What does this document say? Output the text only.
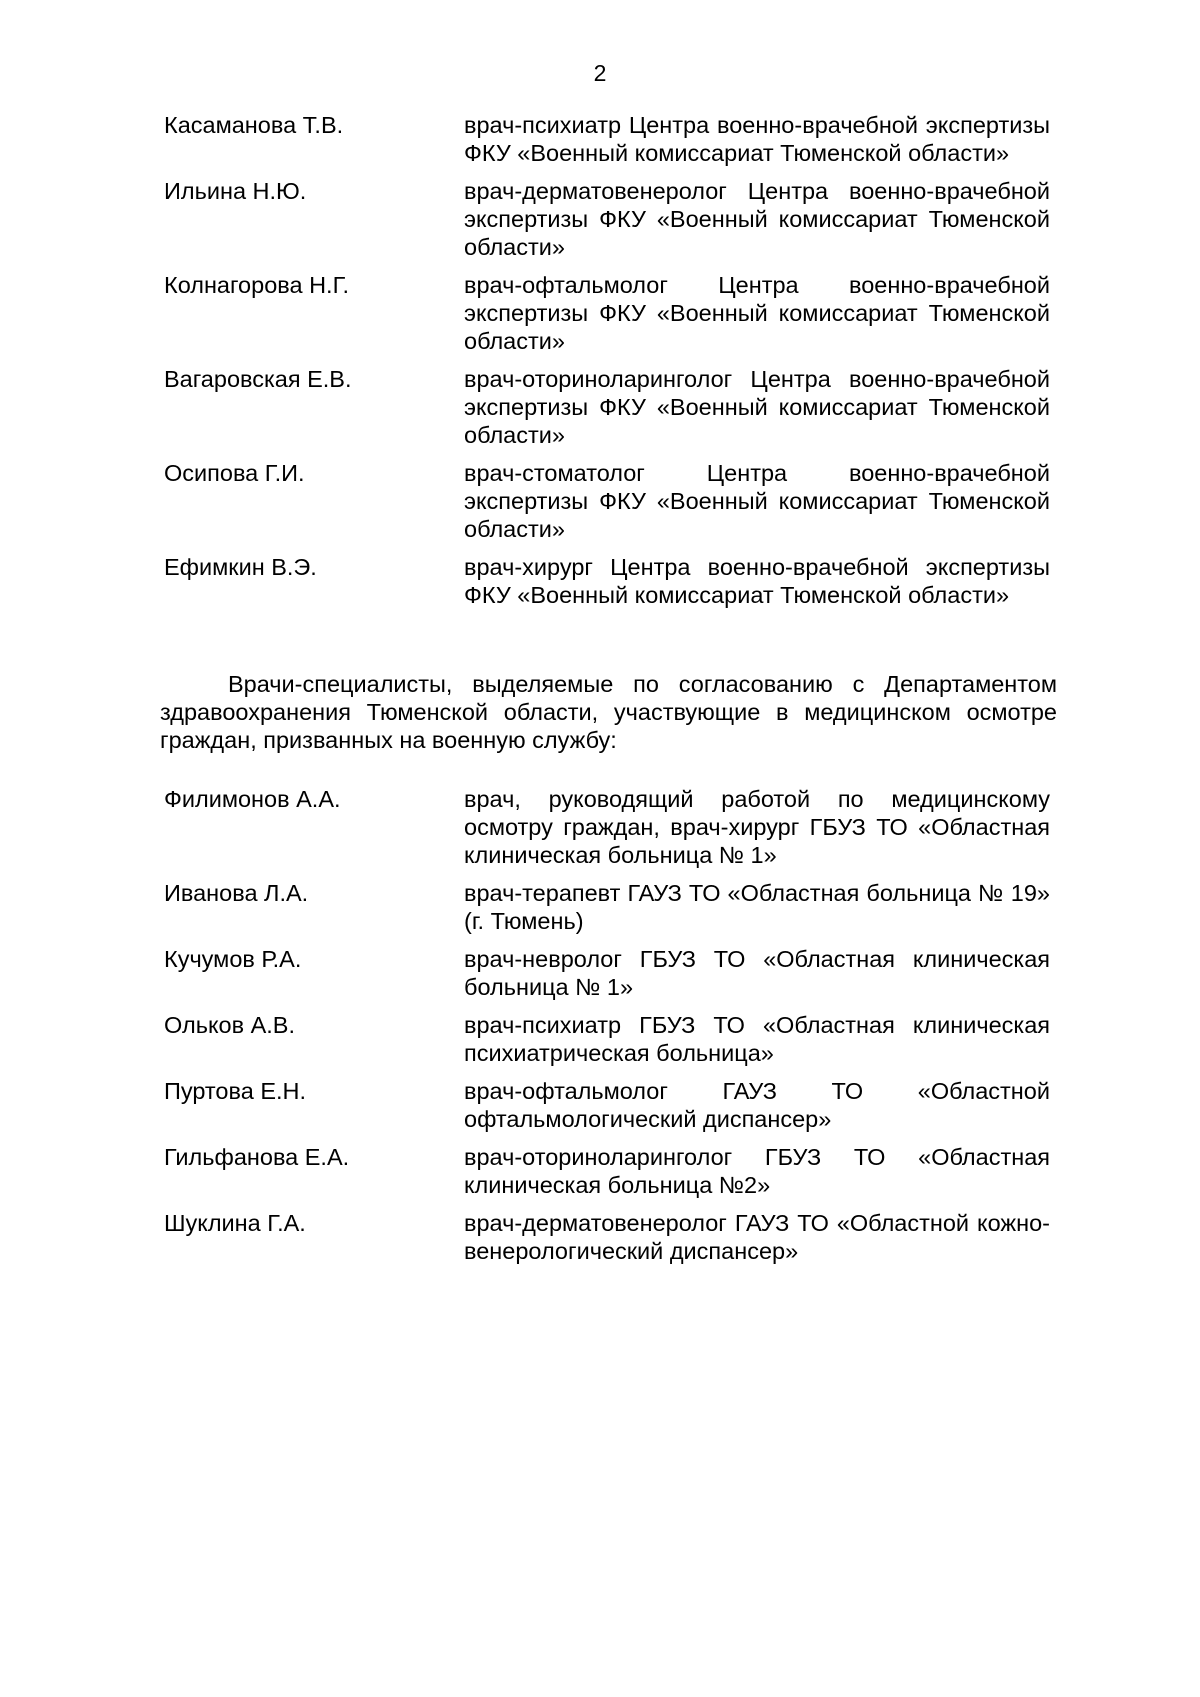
2
Касаманова Т.В.	врач-психиатр Центра военно-врачебной экспертизы ФКУ «Военный комиссариат Тюменской области»
Ильина Н.Ю.	врач-дерматовенеролог Центра военно-врачебной экспертизы ФКУ «Военный комиссариат Тюменской области»
Колнагорова Н.Г.	врач-офтальмолог Центра военно-врачебной экспертизы ФКУ «Военный комиссариат Тюменской области»
Вагаровская Е.В.	врач-оториноларинголог Центра военно-врачебной экспертизы ФКУ «Военный комиссариат Тюменской области»
Осипова Г.И.	врач-стоматолог Центра военно-врачебной экспертизы ФКУ «Военный комиссариат Тюменской области»
Ефимкин В.Э.	врач-хирург Центра военно-врачебной экспертизы ФКУ «Военный комиссариат Тюменской области»
Врачи-специалисты, выделяемые по согласованию с Департаментом здравоохранения Тюменской области, участвующие в медицинском осмотре граждан, призванных на военную службу:
Филимонов А.А.	врач, руководящий работой по медицинскому осмотру граждан, врач-хирург ГБУЗ ТО «Областная клиническая больница № 1»
Иванова Л.А.	врач-терапевт ГАУЗ ТО «Областная больница № 19» (г. Тюмень)
Кучумов Р.А.	врач-невролог ГБУЗ ТО «Областная клиническая больница № 1»
Ольков А.В.	врач-психиатр ГБУЗ ТО «Областная клиническая психиатрическая больница»
Пуртова Е.Н.	врач-офтальмолог ГАУЗ ТО «Областной офтальмологический диспансер»
Гильфанова Е.А.	врач-оториноларинголог ГБУЗ ТО «Областная клиническая больница №2»
Шуклина Г.А.	врач-дерматовенеролог ГАУЗ ТО «Областной кожно-венерологический диспансер»
